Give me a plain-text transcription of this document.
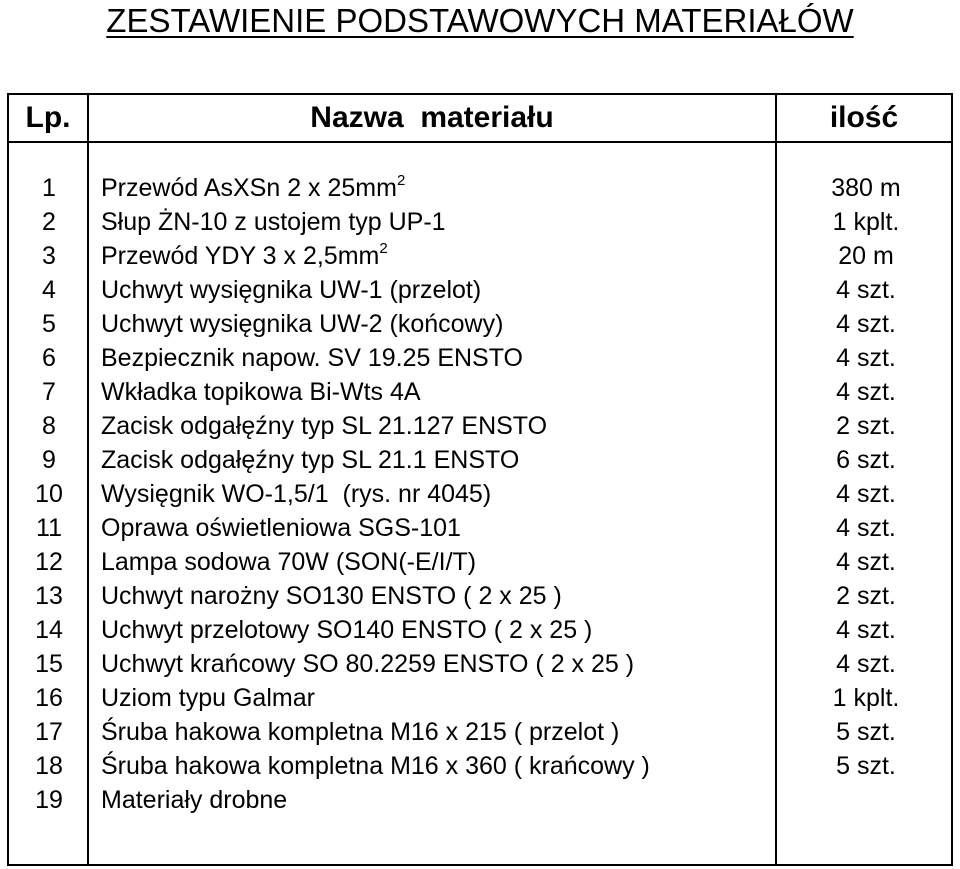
ZESTAWIENIE PODSTAWOWYCH MATERIAŁÓW
Lp.	Nazwa  materiału	ilość
1	Przewód AsXSn 2 x $25mm^2$	380 m
2	Słup ŻN-10 z ustojem typ UP-1	1 kplt.
3	Przewód YDY 3 x $2,5mm^2$	20 m
4	Uchwyt wysięgnika UW-1 (przelot)	4 szt.
5	Uchwyt wysięgnika UW-2 (końcowy)	4 szt.
6	Bezpiecznik napow. SV 19.25 ENSTO	4 szt.
7	Wkładka topikowa Bi-Wts 4A	4 szt.
8	Zacisk odgałęźny typ SL 21.127 ENSTO	2 szt.
9	Zacisk odgałęźny typ SL 21.1 ENSTO	6 szt.
10	Wysięgnik WO-1,5/1  (rys. nr 4045)	4 szt.
11	Oprawa oświetleniowa SGS-101	4 szt.
12	Lampa sodowa 70W (SON(-E/I/T)	4 szt.
13	Uchwyt narożny SO130 ENSTO ( 2 x 25 )	2 szt.
14	Uchwyt przelotowy SO140 ENSTO ( 2 x 25 )	4 szt.
15	Uchwyt krańcowy SO 80.2259 ENSTO ( 2 x 25 )	4 szt.
16	Uziom typu Galmar	1 kplt.
17	Śruba hakowa kompletna M16 x 215 ( przelot )	5 szt.
18	Śruba hakowa kompletna M16 x 360 ( krańcowy )	5 szt.
19	Materiały drobne
